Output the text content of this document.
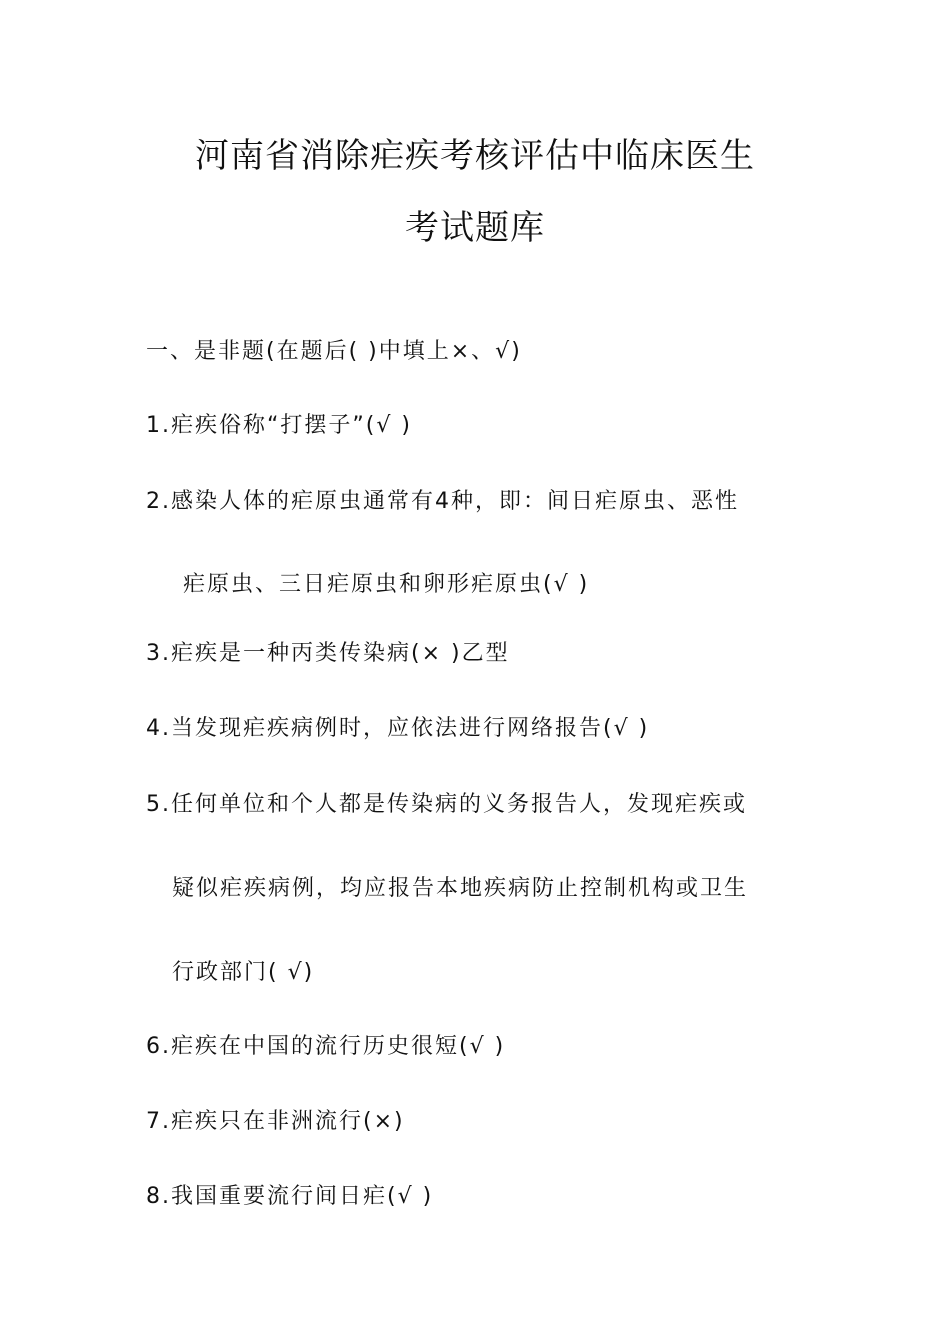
河南省消除疟疾考核评估中临床医生
考试题库
一、是非题(在题后( )中填上×、√)
1.疟疾俗称“打摆子”(√ )
2.感染人体的疟原虫通常有4种，即：间日疟原虫、恶性
疟原虫、三日疟原虫和卵形疟原虫(√ )
3.疟疾是一种丙类传染病(× )乙型
4.当发现疟疾病例时，应依法进行网络报告(√ )
5.任何单位和个人都是传染病的义务报告人，发现疟疾或
疑似疟疾病例，均应报告本地疾病防止控制机构或卫生
行政部门( √)
6.疟疾在中国的流行历史很短(√ )
7.疟疾只在非洲流行(×)
8.我国重要流行间日疟(√ )
